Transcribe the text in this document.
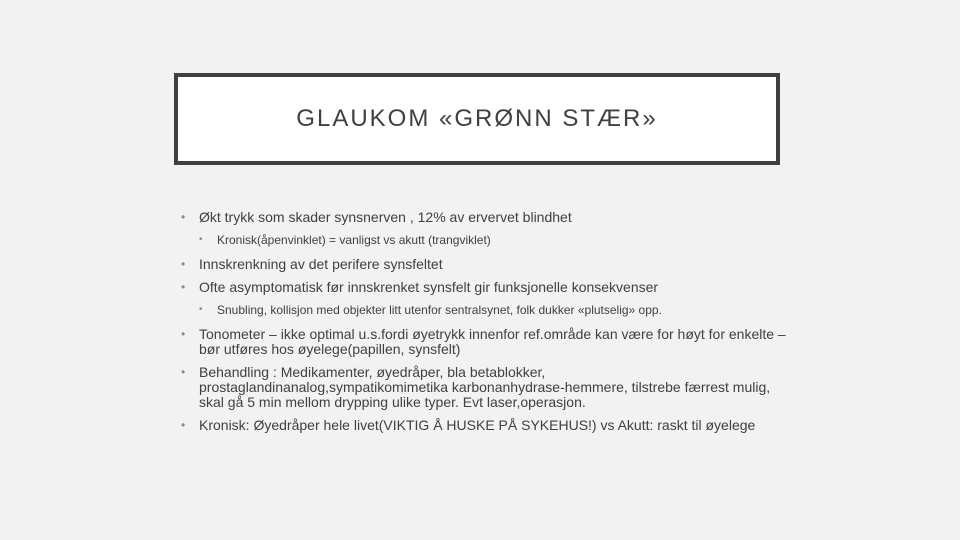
GLAUKOM «GRØNN STÆR»
• Økt trykk som skader synsnerven , 12% av ervervet blindhet
• Kronisk(åpenvinklet) = vanligst vs akutt (trangviklet)
• Innskrenkning av det perifere synsfeltet
• Ofte asymptomatisk før innskrenket synsfelt gir funksjonelle konsekvenser
• Snubling, kollisjon med objekter litt utenfor sentralsynet, folk dukker «plutselig» opp.
• Tonometer – ikke optimal u.s.fordi øyetrykk innenfor ref.område kan være for høyt for enkelte – bør utføres hos øyelege(papillen, synsfelt)
• Behandling : Medikamenter, øyedråper, bla betablokker, prostaglandinanalog,sympatikomimetika karbonanhydrase-hemmere, tilstrebe færrest mulig, skal gå 5 min mellom drypping ulike typer. Evt laser,operasjon.
• Kronisk: Øyedråper hele livet(VIKTIG Å HUSKE PÅ SYKEHUS!) vs Akutt: raskt til øyelege
